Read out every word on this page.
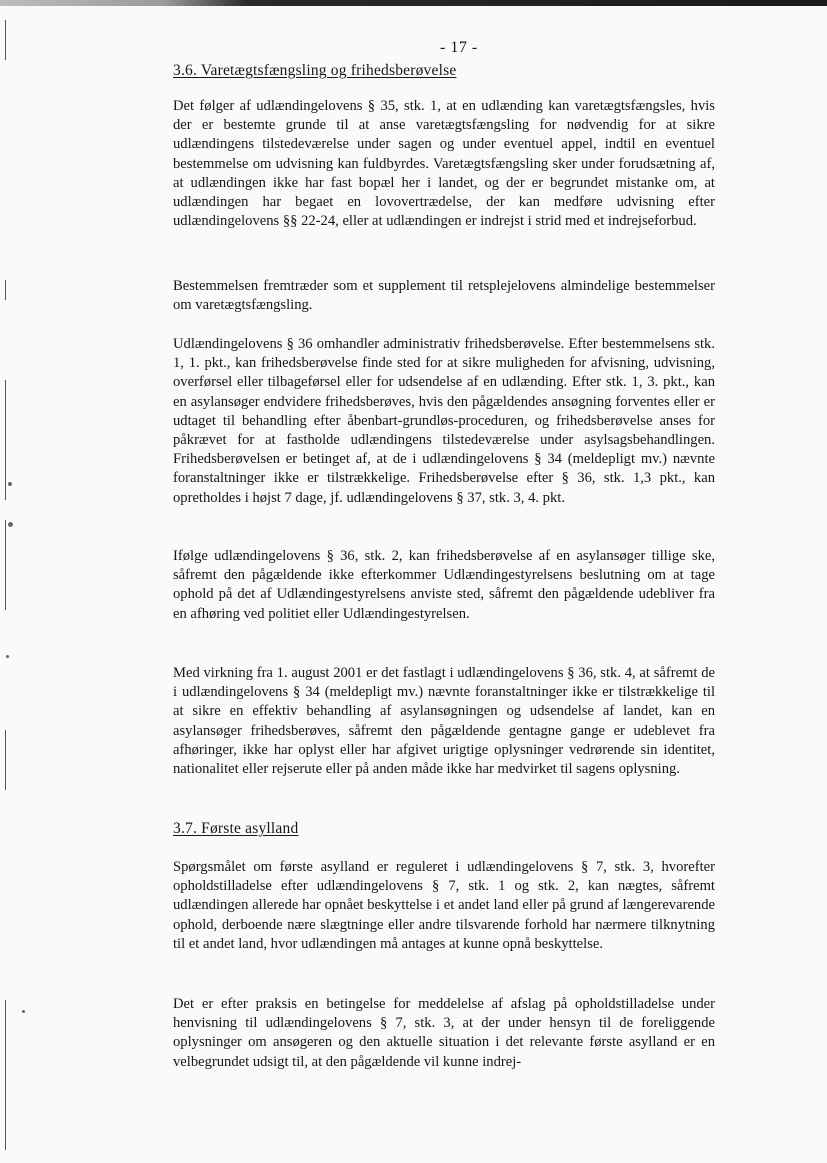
- 17 -
3.6. Varetægtsfængsling og frihedsberøvelse

Det følger af udlændingelovens § 35, stk. 1, at en udlænding kan varetægtsfængsles, hvis der er bestemte grunde til at anse varetægtsfængsling for nødvendig for at sikre udlændingens tilstedeværelse under sagen og under eventuel appel, indtil en eventuel bestemmelse om udvisning kan fuldbyrdes. Varetægtsfængsling sker under forudsætning af, at udlændingen ikke har fast bopæl her i landet, og der er begrundet mistanke om, at udlændingen har begaet en lovovertrædelse, der kan medføre udvisning efter udlændingelovens §§ 22-24, eller at udlændingen er indrejst i strid med et indrejseforbud.

Bestemmelsen fremtræder som et supplement til retsplejelovens almindelige bestemmelser om varetægtsfængsling.

Udlændingelovens § 36 omhandler administrativ frihedsberøvelse. Efter bestemmelsens stk. 1, 1. pkt., kan frihedsberøvelse finde sted for at sikre muligheden for afvisning, udvisning, overførsel eller tilbageførsel eller for udsendelse af en udlænding. Efter stk. 1, 3. pkt., kan en asylansøger endvidere frihedsberøves, hvis den pågældendes ansøgning forventes eller er udtaget til behandling efter åbenbart-grundløs-proceduren, og frihedsberøvelse anses for påkrævet for at fastholde udlændingens tilstedeværelse under asylsagsbehandlingen. Frihedsberøvelsen er betinget af, at de i udlændingelovens § 34 (meldepligt mv.) nævnte foranstaltninger ikke er tilstrækkelige. Frihedsberøvelse efter § 36, stk. 1,3 pkt., kan opretholdes i højst 7 dage, jf. udlændingelovens § 37, stk. 3, 4. pkt.

Ifølge udlændingelovens § 36, stk. 2, kan frihedsberøvelse af en asylansøger tillige ske, såfremt den pågældende ikke efterkommer Udlændingestyrelsens beslutning om at tage ophold på det af Udlændingestyrelsens anviste sted, såfremt den pågældende udebliver fra en afhøring ved politiet eller Udlændingestyrelsen.

Med virkning fra 1. august 2001 er det fastlagt i udlændingelovens § 36, stk. 4, at såfremt de i udlændingelovens § 34 (meldepligt mv.) nævnte foranstaltninger ikke er tilstrækkelige til at sikre en effektiv behandling af asylansøgningen og udsendelse af landet, kan en asylansøger frihedsberøves, såfremt den pågældende gentagne gange er udeblevet fra afhøringer, ikke har oplyst eller har afgivet urigtige oplysninger vedrørende sin identitet, nationalitet eller rejserute eller på anden måde ikke har medvirket til sagens oplysning.

3.7. Første asylland

Spørgsmålet om første asylland er reguleret i udlændingelovens § 7, stk. 3, hvorefter opholdstilladelse efter udlændingelovens § 7, stk. 1 og stk. 2, kan nægtes, såfremt udlændingen allerede har opnået beskyttelse i et andet land eller på grund af længerevarende ophold, derboende nære slægtninge eller andre tilsvarende forhold har nærmere tilknytning til et andet land, hvor udlændingen må antages at kunne opnå beskyttelse.

Det er efter praksis en betingelse for meddelelse af afslag på opholdstilladelse under henvisning til udlændingelovens § 7, stk. 3, at der under hensyn til de foreliggende oplysninger om ansøgeren og den aktuelle situation i det relevante første asylland er en velbegrundet udsigt til, at den pågældende vil kunne indrej-
